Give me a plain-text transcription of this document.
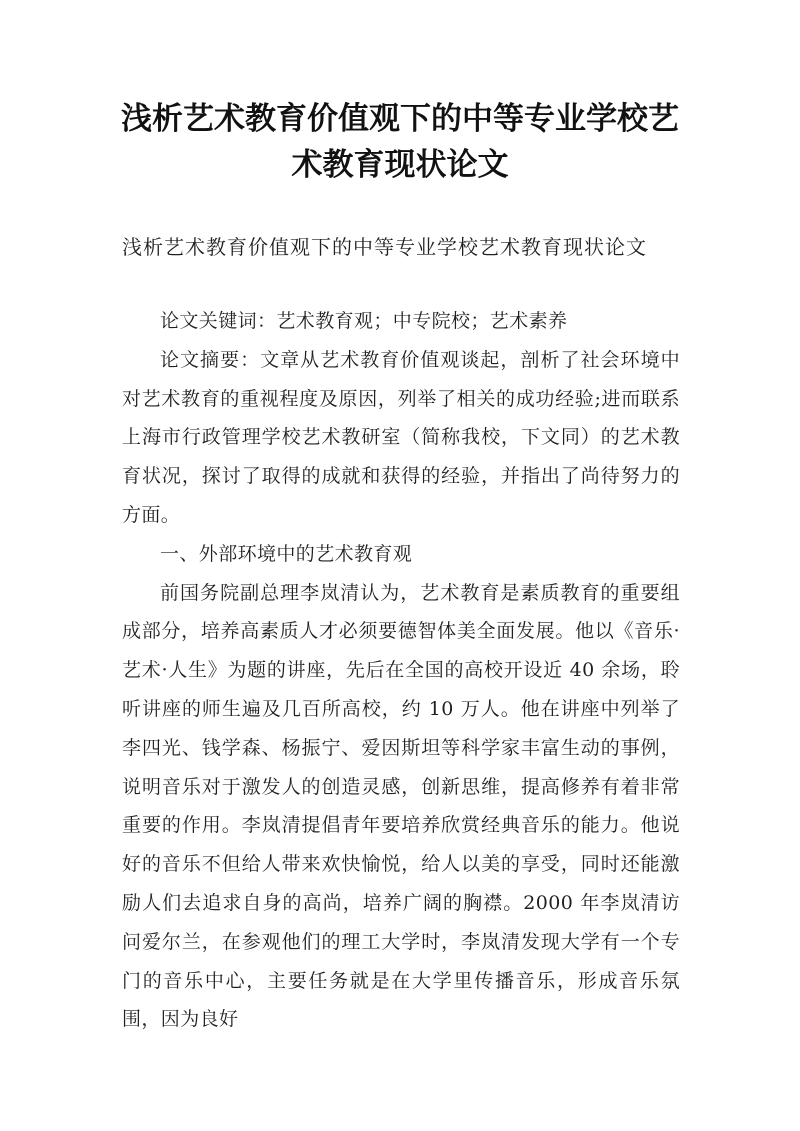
浅析艺术教育价值观下的中等专业学校艺
术教育现状论文

浅析艺术教育价值观下的中等专业学校艺术教育现状论文

论文关键词：艺术教育观；中专院校；艺术素养

论文摘要：文章从艺术教育价值观谈起，剖析了社会环境中对艺术教育的重视程度及原因，列举了相关的成功经验;进而联系上海市行政管理学校艺术教研室（简称我校，下文同）的艺术教育状况，探讨了取得的成就和获得的经验，并指出了尚待努力的方面。

一、外部环境中的艺术教育观

前国务院副总理李岚清认为，艺术教育是素质教育的重要组成部分，培养高素质人才必须要德智体美全面发展。他以《音乐·艺术·人生》为题的讲座，先后在全国的高校开设近 40 余场，聆听讲座的师生遍及几百所高校，约 10 万人。他在讲座中列举了李四光、钱学森、杨振宁、爱因斯坦等科学家丰富生动的事例，说明音乐对于激发人的创造灵感，创新思维，提高修养有着非常重要的作用。李岚清提倡青年要培养欣赏经典音乐的能力。他说好的音乐不但给人带来欢快愉悦，给人以美的享受，同时还能激励人们去追求自身的高尚，培养广阔的胸襟。2000 年李岚清访问爱尔兰，在参观他们的理工大学时，李岚清发现大学有一个专门的音乐中心，主要任务就是在大学里传播音乐，形成音乐氛围，因为良好
